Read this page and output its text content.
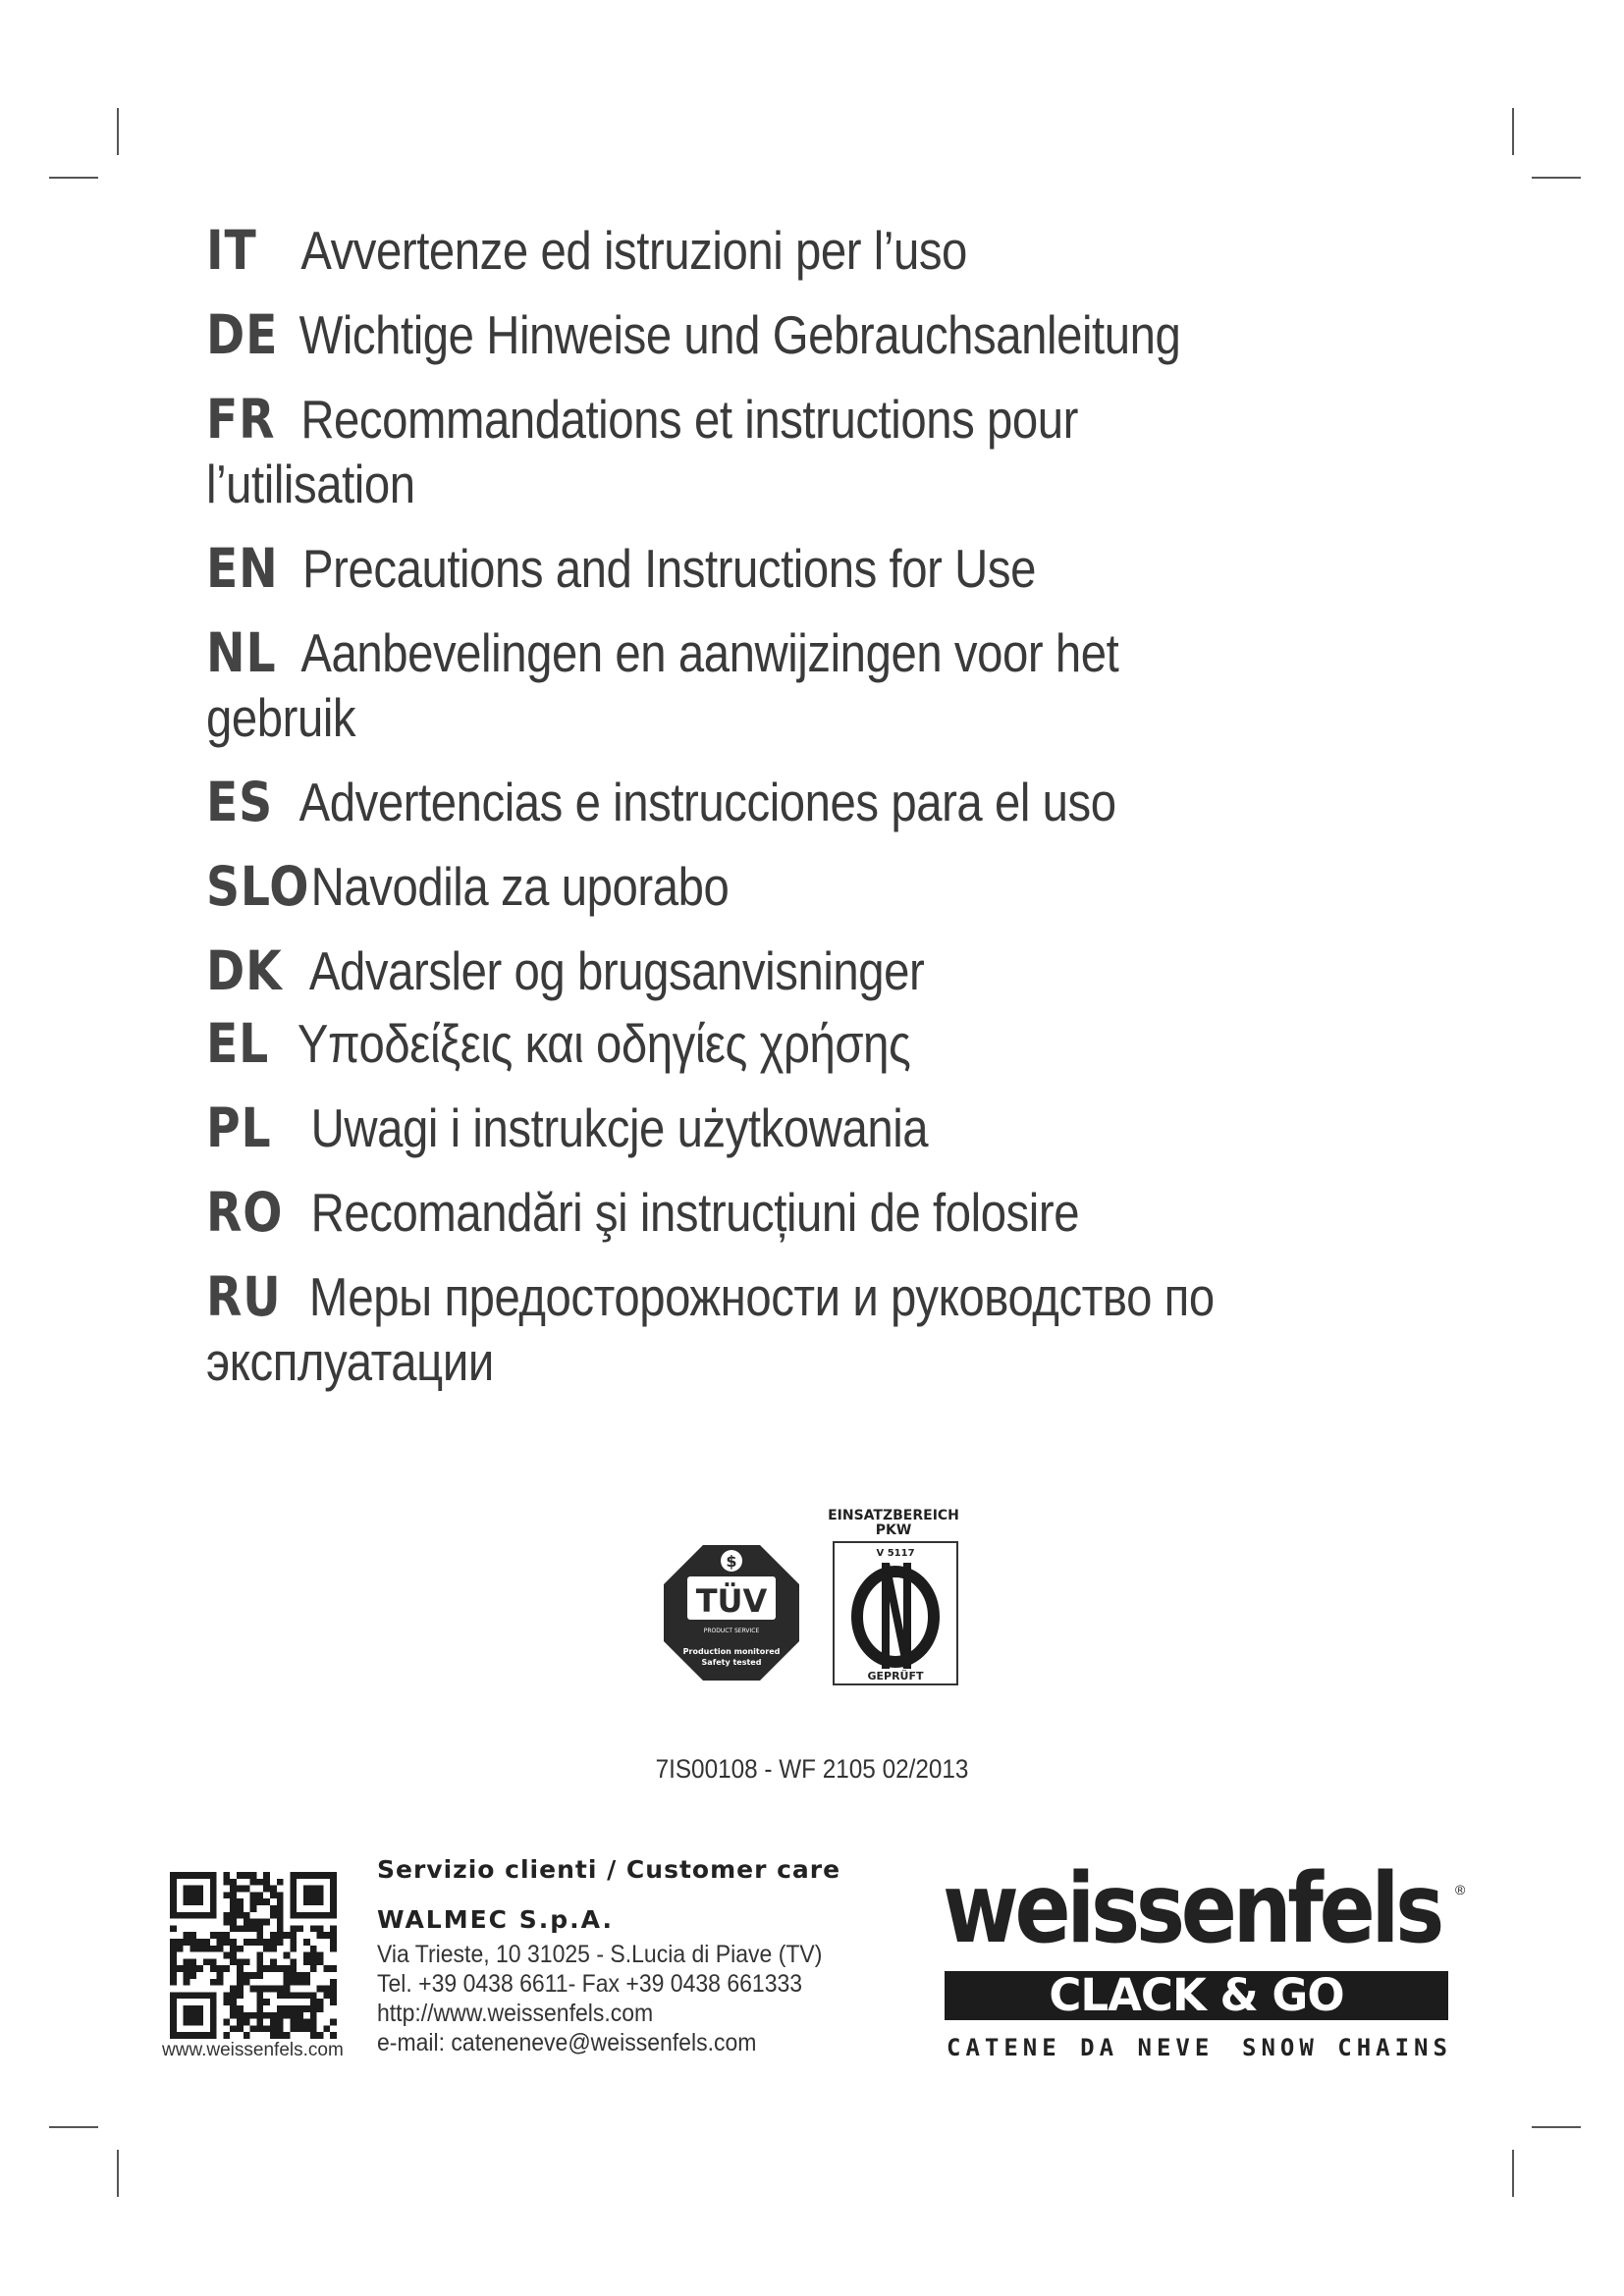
IT Avvertenze ed istruzioni per l’uso
DE Wichtige Hinweise und Gebrauchsanleitung
FR Recommandations et instructions pour
l’utilisation
EN Precautions and Instructions for Use
NL Aanbevelingen en aanwijzingen voor het
gebruik
ES Advertencias e instrucciones para el uso
SLONavodila za uporabo
DK Advarsler og brugsanvisninger
EL Υποδείξεις και οδηγίες χρήσης
PL Uwagi i instrukcje użytkowania
RO Recomandări şi instrucțiuni de folosire
RU Меры предосторожности и руководство по
эксплуатации
$
TÜV
PRODUCT SERVICE
Production monitored
Safety tested
EINSATZBEREICH
PKW
V 5117
GEPRÜFT
7IS00108 - WF 2105 02/2013
www.weissenfels.com
Servizio clienti / Customer care
WALMEC S.p.A.
Via Trieste, 10 31025 - S.Lucia di Piave (TV)
Tel. +39 0438 6611- Fax +39 0438 661333
http://www.weissenfels.com
e-mail: cateneneve@weissenfels.com
weissenfels ®
CLACK & GO
CATENE DA NEVE SNOW CHAINS
